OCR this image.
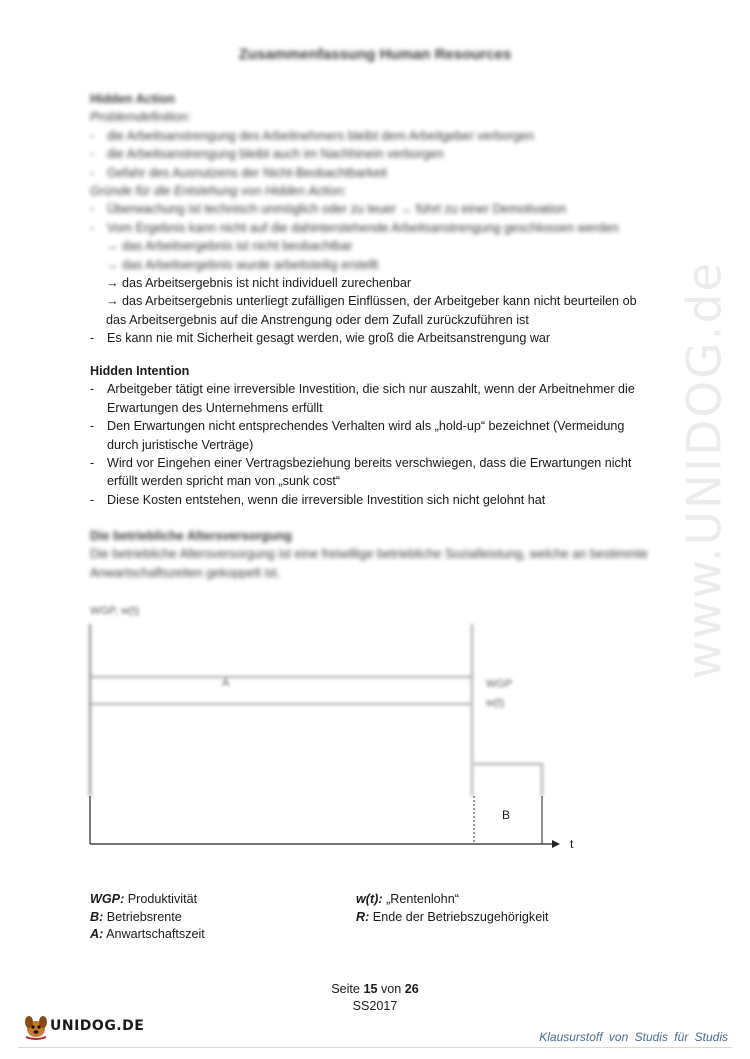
www.UNIDOG.de
Zusammenfassung Human Resources
Hidden Action
Problemdefinition:
-	die Arbeitsanstrengung des Arbeitnehmers bleibt dem Arbeitgeber verborgen
-	die Arbeitsanstrengung bleibt auch im Nachhinein verborgen
-	Gefahr des Ausnutzens der Nicht-Beobachtbarkeit
Gründe für die Entstehung von Hidden Action:
-	Überwachung ist technisch unmöglich oder zu teuer → führt zu einer Demotivation
-	Vom Ergebnis kann nicht auf die dahinterstehende Arbeitsanstrengung geschlossen werden
→ das Arbeitsergebnis ist nicht beobachtbar
→ das Arbeitsergebnis wurde arbeitsteilig erstellt
→ das Arbeitsergebnis ist nicht individuell zurechenbar
→ das Arbeitsergebnis unterliegt zufälligen Einflüssen, der Arbeitgeber kann nicht beurteilen ob
das Arbeitsergebnis auf die Anstrengung oder dem Zufall zurückzuführen ist
-	Es kann nie mit Sicherheit gesagt werden, wie groß die Arbeitsanstrengung war
Hidden Intention
-	Arbeitgeber tätigt eine irreversible Investition, die sich nur auszahlt, wenn der Arbeitnehmer die
Erwartungen des Unternehmens erfüllt
-	Den Erwartungen nicht entsprechendes Verhalten wird als „hold-up“ bezeichnet (Vermeidung
durch juristische Verträge)
-	Wird vor Eingehen einer Vertragsbeziehung bereits verschwiegen, dass die Erwartungen nicht
erfüllt werden spricht man von „sunk cost“
-	Diese Kosten entstehen, wenn die irreversible Investition sich nicht gelohnt hat
Die betriebliche Altersversorgung
Die betriebliche Altersversorgung ist eine freiwillige betriebliche Sozialleistung, welche an bestimmte
Anwartschaftszeiten gekoppelt ist.
WGP, w(t)
A	WGP
w(t)
B
t
WGP: Produktivität
B: Betriebsrente
A: Anwartschaftszeit
w(t): „Rentenlohn“
R: Ende der Betriebszugehörigkeit
Seite 15 von 26
SS2017
UNIDOG.DE
Klausurstoff von Studis für Studis
